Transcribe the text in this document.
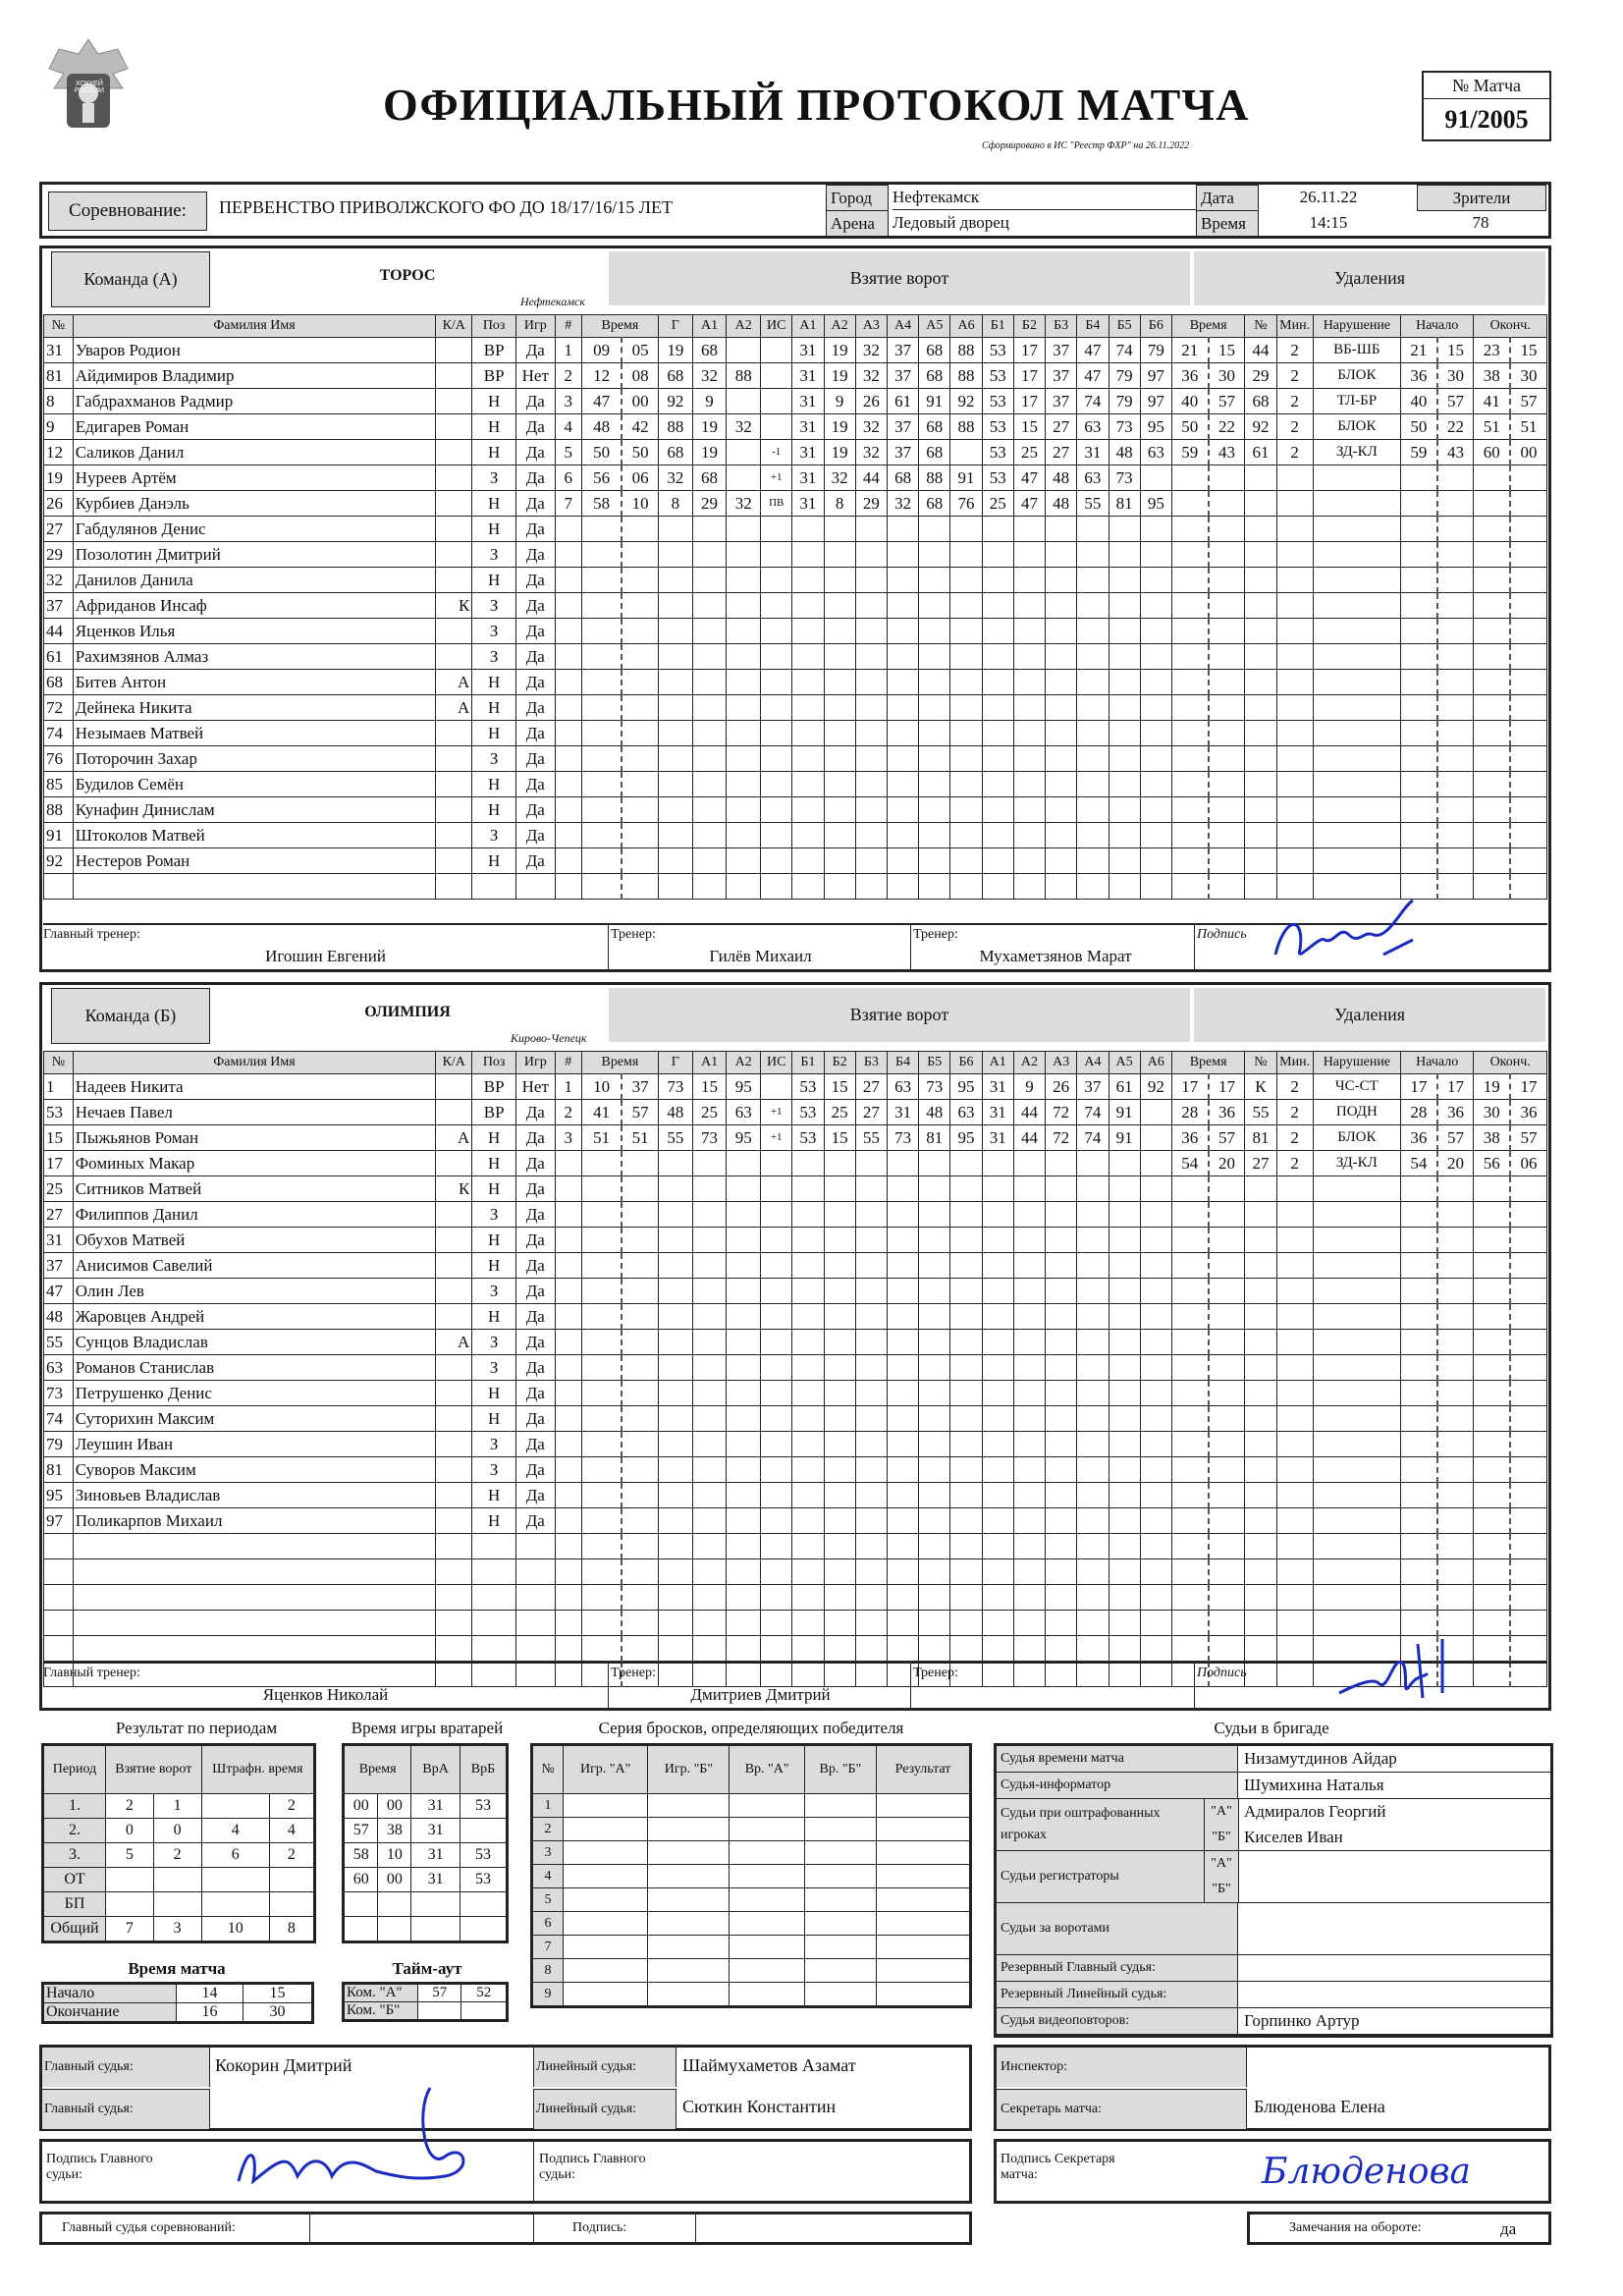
ХОККЕЙ РОССИИ	ОФИЦИАЛЬНЫЙ ПРОТОКОЛ МАТЧА
Сформировано в ИС "Реестр ФХР" на 26.11.2022
№ Матча
91/2005
Соревнование:	ПЕРВЕНСТВО ПРИВОЛЖСКОГО ФО ДО 18/17/16/15 ЛЕТ	Город	Нефтекамск
Арена	Ледовый дворец
Дата	26.11.22
Время	14:15
Зрители
78
Команда (А)	ТОРОС
Нефтекамск
Взятие ворот	Удаления
№	Фамилия Имя	К/А	Поз	Игр	#	Время		Г	А1	А2	ИС	А1	А2	А3	А4	А5	А6	Б1	Б2	Б3	Б4	Б5	Б6	Время		№	Мин.	Нарушение	Начало		Оконч.	
31	Уваров Родион		ВР	Да	1	09	05	19	68			31	19	32	37	68	88	53	17	37	47	74	79	21	15	44	2	ВБ-ШБ	21	15	23	15
81	Айдимиров Владимир		ВР	Нет	2	12	08	68	32	88		31	19	32	37	68	88	53	17	37	47	79	97	36	30	29	2	БЛОК	36	30	38	30
8	Габдрахманов Радмир		Н	Да	3	47	00	92	9			31	9	26	61	91	92	53	17	37	74	79	97	40	57	68	2	ТЛ-БР	40	57	41	57
9	Едигарев Роман		Н	Да	4	48	42	88	19	32		31	19	32	37	68	88	53	15	27	63	73	95	50	22	92	2	БЛОК	50	22	51	51
12	Саликов Данил		Н	Да	5	50	50	68	19		-1	31	19	32	37	68		53	25	27	31	48	63	59	43	61	2	ЗД-КЛ	59	43	60	00
19	Нуреев Артём		З	Да	6	56	06	32	68		+1	31	32	44	68	88	91	53	47	48	63	73										
26	Курбиев Данэль		Н	Да	7	58	10	8	29	32	ПВ	31	8	29	32	68	76	25	47	48	55	81	95									
27	Габдулянов Денис		Н	Да																												
29	Позолотин Дмитрий		З	Да																												
32	Данилов Данила		Н	Да																												
37	Африданов Инсаф	К	З	Да																												
44	Яценков Илья		З	Да																												
61	Рахимзянов Алмаз		З	Да																												
68	Битев Антон	А	Н	Да																												
72	Дейнека Никита	А	Н	Да																												
74	Незымаев Матвей		Н	Да																												
76	Поторочин Захар		З	Да																												
85	Будилов Семён		Н	Да																												
88	Кунафин Динислам		Н	Да																												
91	Штоколов Матвей		З	Да																												
92	Нестеров Роман		Н	Да																												

Главный тренер:
Игошин Евгений
Тренер:
Гилёв Михаил
Тренер:
Мухаметзянов Марат
Подпись
Команда (Б)	ОЛИМПИЯ
Кирово-Чепецк
Взятие ворот	Удаления
№	Фамилия Имя	К/А	Поз	Игр	#	Время		Г	А1	А2	ИС	Б1	Б2	Б3	Б4	Б5	Б6	А1	А2	А3	А4	А5	А6	Время		№	Мин.	Нарушение	Начало		Оконч.	
1	Надеев Никита		ВР	Нет	1	10	37	73	15	95		53	15	27	63	73	95	31	9	26	37	61	92	17	17	К	2	ЧС-СТ	17	17	19	17
53	Нечаев Павел		ВР	Да	2	41	57	48	25	63	+1	53	25	27	31	48	63	31	44	72	74	91		28	36	55	2	ПОДН	28	36	30	36
15	Пыжьянов Роман	А	Н	Да	3	51	51	55	73	95	+1	53	15	55	73	81	95	31	44	72	74	91		36	57	81	2	БЛОК	36	57	38	57
17	Фоминых Макар		Н	Да																				54	20	27	2	ЗД-КЛ	54	20	56	06
25	Ситников Матвей	К	Н	Да																												
27	Филиппов Данил		З	Да																												
31	Обухов Матвей		Н	Да																												
37	Анисимов Савелий		Н	Да																												
47	Олин Лев		З	Да																												
48	Жаровцев Андрей		Н	Да																												
55	Сунцов Владислав	А	З	Да																												
63	Романов Станислав		З	Да																												
73	Петрушенко Денис		Н	Да																												
74	Суторихин Максим		Н	Да																												
79	Леушин Иван		З	Да																												
81	Суворов Максим		З	Да																												
95	Зиновьев Владислав		Н	Да																												
97	Поликарпов Михаил		Н	Да																												

Главный тренер:
Яценков Николай
Тренер:
Дмитриев Дмитрий
Тренер:	Подпись
Результат по периодам	Время игры вратарей	Серия бросков, определяющих победителя	Судьи в бригаде
Период	Взятие ворот		Штрафн. время	
1.	2	1		2
2.	0	0	4	4
3.	5	2	6	2
ОТ				
БП				
Общий	7	3	10	8
Время		ВрА	ВрБ
00	00	31	53
57	38	31	
58	10	31	53
60	00	31	53

Время матча
Начало	14	15
Окончание	16	30
Тайм-аут
Ком. "А"	57	52
Ком. "Б"		
№	Игр. "А"	Игр. "Б"	Вр. "А"	Вр. "Б"	Результат
1					
2					
3					
4					
5					
6					
7					
8					
9					
Судья времени матча	Низамутдинов Айдар
Судья-информатор	Шумихина Наталья
Судьи при оштрафованных игроках
"А" Адмиралов Георгий
"Б" Киселев Иван
Судьи регистраторы
"А"
"Б"
Судьи за воротами
Резервный Главный судья:
Резервный Линейный судья:
Судья видеоповторов:	Горпинко Артур
Главный судья:	Кокорин Дмитрий
Главный судья:
Линейный судья:	Шаймухаметов Азамат
Линейный судья:	Сюткин Константин
Инспектор:
Секретарь матча:	Блюденова Елена
Подпись Главного судьи:
Подпись Главного судьи:
Подпись Секретаря матча:	Блюденова
Главный судья соревнований:	Подпись:	Замечания на обороте:	да
